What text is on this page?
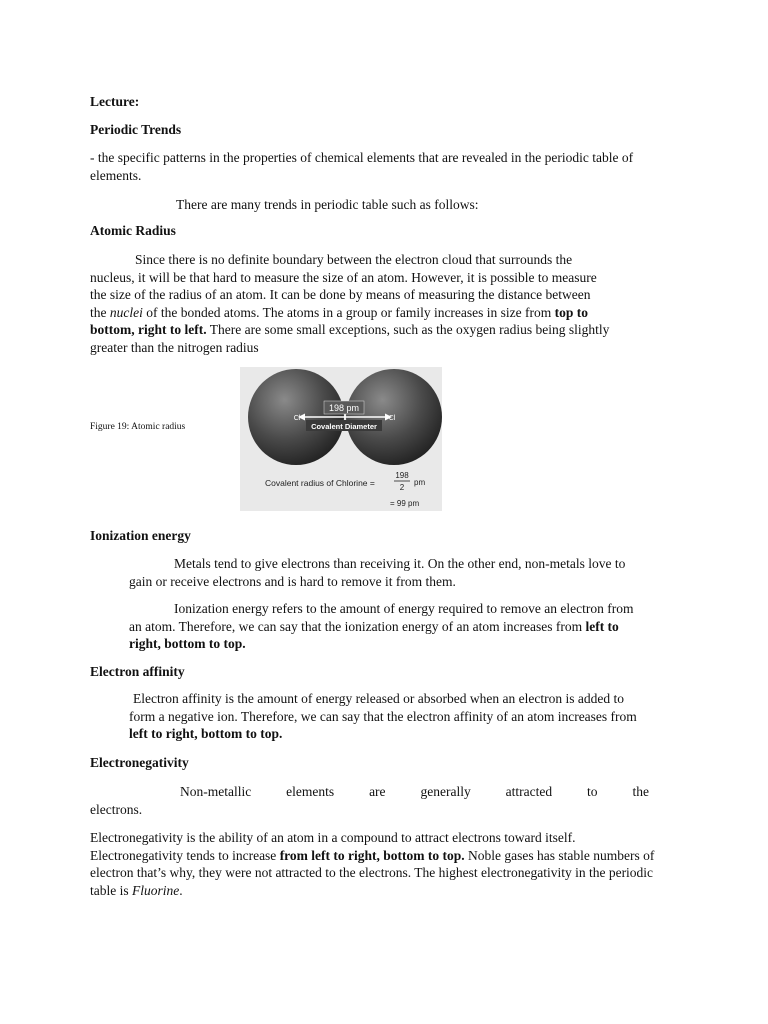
Lecture:

Periodic Trends

- the specific patterns in the properties of chemical elements that are revealed in the periodic table of elements.

There are many trends in periodic table such as follows:

Atomic Radius

Since there is no definite boundary between the electron cloud that surrounds the nucleus, it will be that hard to measure the size of an atom. However, it is possible to measure the size of the radius of an atom. It can be done by means of measuring the distance between the nuclei of the bonded atoms. The atoms in a group or family increases in size from top to bottom, right to left. There are some small exceptions, such as the oxygen radius being slightly greater than the nitrogen radius

Figure 19: Atomic radius
198 pm
Cl	Cl
Covalent Diameter
Covalent radius of Chlorine =
198
2
pm
= 99 pm

Ionization energy

Metals tend to give electrons than receiving it. On the other end, non-metals love to gain or receive electrons and is hard to remove it from them.

Ionization energy refers to the amount of energy required to remove an electron from an atom. Therefore, we can say that the ionization energy of an atom increases from left to right, bottom to top.

Electron affinity

Electron affinity is the amount of energy released or absorbed when an electron is added to form a negative ion. Therefore, we can say that the electron affinity of an atom increases from left to right, bottom to top.

Electronegativity

Non-metallic	elements	are	generally	attracted	to	the

electrons.

Electronegativity is the ability of an atom in a compound to attract electrons toward itself. Electronegativity tends to increase from left to right, bottom to top. Noble gases has stable numbers of electron that’s why, they were not attracted to the electrons. The highest electronegativity in the periodic table is Fluorine.
